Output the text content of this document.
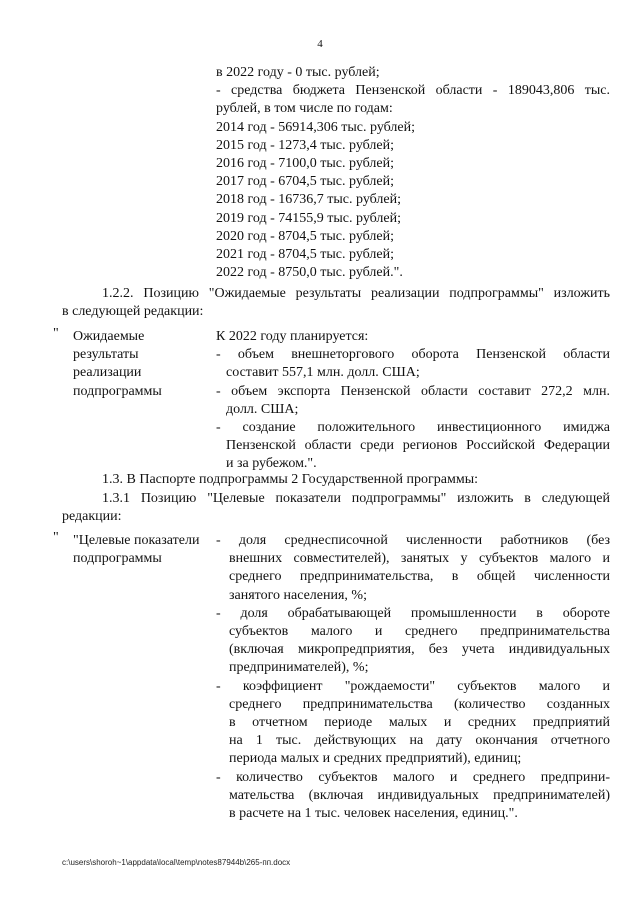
4
в 2022 году - 0 тыс. рублей;
- средства бюджета Пензенской области - 189043,806 тыс.
рублей, в том числе по годам:
2014 год - 56914,306 тыс. рублей;
2015 год - 1273,4 тыс. рублей;
2016 год - 7100,0 тыс. рублей;
2017 год - 6704,5 тыс. рублей;
2018 год - 16736,7 тыс. рублей;
2019 год - 74155,9 тыс. рублей;
2020 год - 8704,5 тыс. рублей;
2021 год - 8704,5 тыс. рублей;
2022 год - 8750,0 тыс. рублей.".
1.2.2. Позицию "Ожидаемые результаты реализации подпрограммы" изложить
в следующей редакции:
" Ожидаемые
результаты
реализации
подпрограммы
К 2022 году планируется:
- объем внешнеторгового оборота Пензенской области
составит 557,1 млн. долл. США;
- объем экспорта Пензенской области составит 272,2 млн.
долл. США;
- создание положительного инвестиционного имиджа
Пензенской области среди регионов Российской Федерации
и за рубежом.".
1.3. В Паспорте подпрограммы 2 Государственной программы:
1.3.1 Позицию "Целевые показатели подпрограммы" изложить в следующей
редакции:
" "Целевые показатели
подпрограммы
- доля среднесписочной численности работников (без
внешних совместителей), занятых у субъектов малого и
среднего предпринимательства, в общей численности
занятого населения, %;
- доля обрабатывающей промышленности в обороте
субъектов малого и среднего предпринимательства
(включая микропредприятия, без учета индивидуальных
предпринимателей), %;
- коэффициент "рождаемости" субъектов малого и
среднего предпринимательства (количество созданных
в отчетном периоде малых и средних предприятий
на 1 тыс. действующих на дату окончания отчетного
периода малых и средних предприятий), единиц;
- количество субъектов малого и среднего предприни-
мательства (включая индивидуальных предпринимателей)
в расчете на 1 тыс. человек населения, единиц.".
c:\users\shoroh~1\appdata\local\temp\notes87944b\265-пп.docx
